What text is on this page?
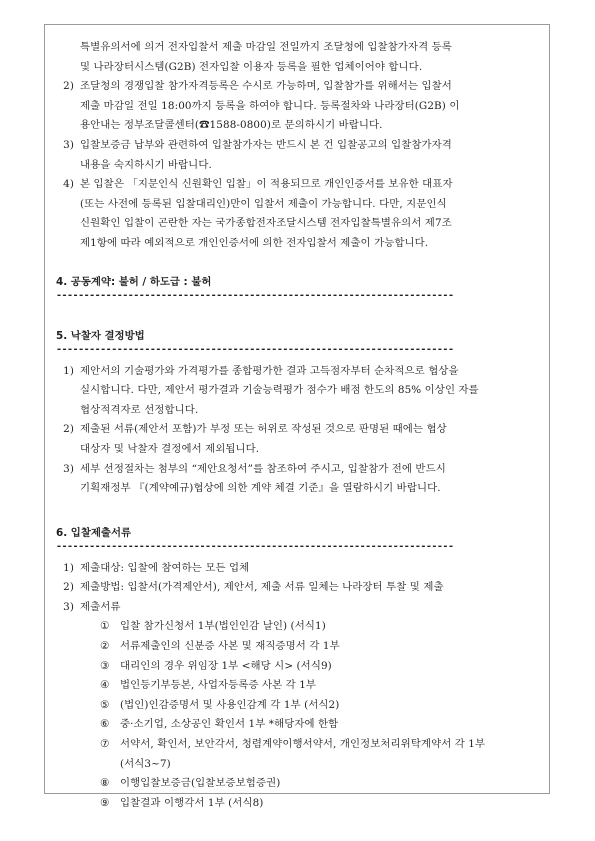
특별유의서에 의거 전자입찰서 제출 마감일 전일까지 조달청에 입찰참가자격 등록
및 나라장터시스템(G2B) 전자입찰 이용자 등록을 필한 업체이어야 합니다.
2) 조달청의 경쟁입찰 참가자격등록은 수시로 가능하며, 입찰참가를 위해서는 입찰서
제출 마감일 전일 18:00까지 등록을 하여야 합니다. 등록절차와 나라장터(G2B) 이
용안내는 정부조달콜센터(☎1588-0800)로 문의하시기 바랍니다.
3) 입찰보증금 납부와 관련하여 입찰참가자는 반드시 본 건 입찰공고의 입찰참가자격
내용을 숙지하시기 바랍니다.
4) 본 입찰은 「지문인식 신원확인 입찰」이 적용되므로 개인인증서를 보유한 대표자
(또는 사전에 등록된 입찰대리인)만이 입찰서 제출이 가능합니다. 다만, 지문인식
신원확인 입찰이 곤란한 자는 국가종합전자조달시스템 전자입찰특별유의서 제7조
제1항에 따라 예외적으로 개인인증서에 의한 전자입찰서 제출이 가능합니다.
4. 공동계약: 불허 / 하도급 : 불허
------------------------------------------------------------------------
5. 낙찰자 결정방법
------------------------------------------------------------------------
1) 제안서의 기술평가와 가격평가를 종합평가한 결과 고득점자부터 순차적으로 협상을
실시합니다. 다만, 제안서 평가결과 기술능력평가 점수가 배점 한도의 85% 이상인 자를
협상적격자로 선정합니다.
2) 제출된 서류(제안서 포함)가 부정 또는 허위로 작성된 것으로 판명된 때에는 협상
대상자 및 낙찰자 결정에서 제외됩니다.
3) 세부 선정절차는 첨부의 “제안요청서”를 참조하여 주시고, 입찰참가 전에 반드시
기획재정부 『(계약예규)협상에 의한 계약 체결 기준』을 열람하시기 바랍니다.
6. 입찰제출서류
------------------------------------------------------------------------
1) 제출대상: 입찰에 참여하는 모든 업체
2) 제출방법: 입찰서(가격제안서), 제안서, 제출 서류 일체는 나라장터 투찰 및 제출
3) 제출서류
①	입찰 참가신청서 1부(법인인감 날인) (서식1)
②	서류제출인의 신분증 사본 및 재직증명서 각 1부
③	대리인의 경우 위임장 1부 <해당 시> (서식9)
④	법인등기부등본, 사업자등록증 사본 각 1부
⑤	(법인)인감증명서 및 사용인감계 각 1부 (서식2)
⑥	중·소기업, 소상공인 확인서 1부 *해당자에 한함
⑦	서약서, 확인서, 보안각서, 청렴계약이행서약서, 개인정보처리위탁계약서 각 1부
(서식3~7)
⑧	이행입찰보증금(입찰보증보험증권)
⑨	입찰결과 이행각서 1부 (서식8)
